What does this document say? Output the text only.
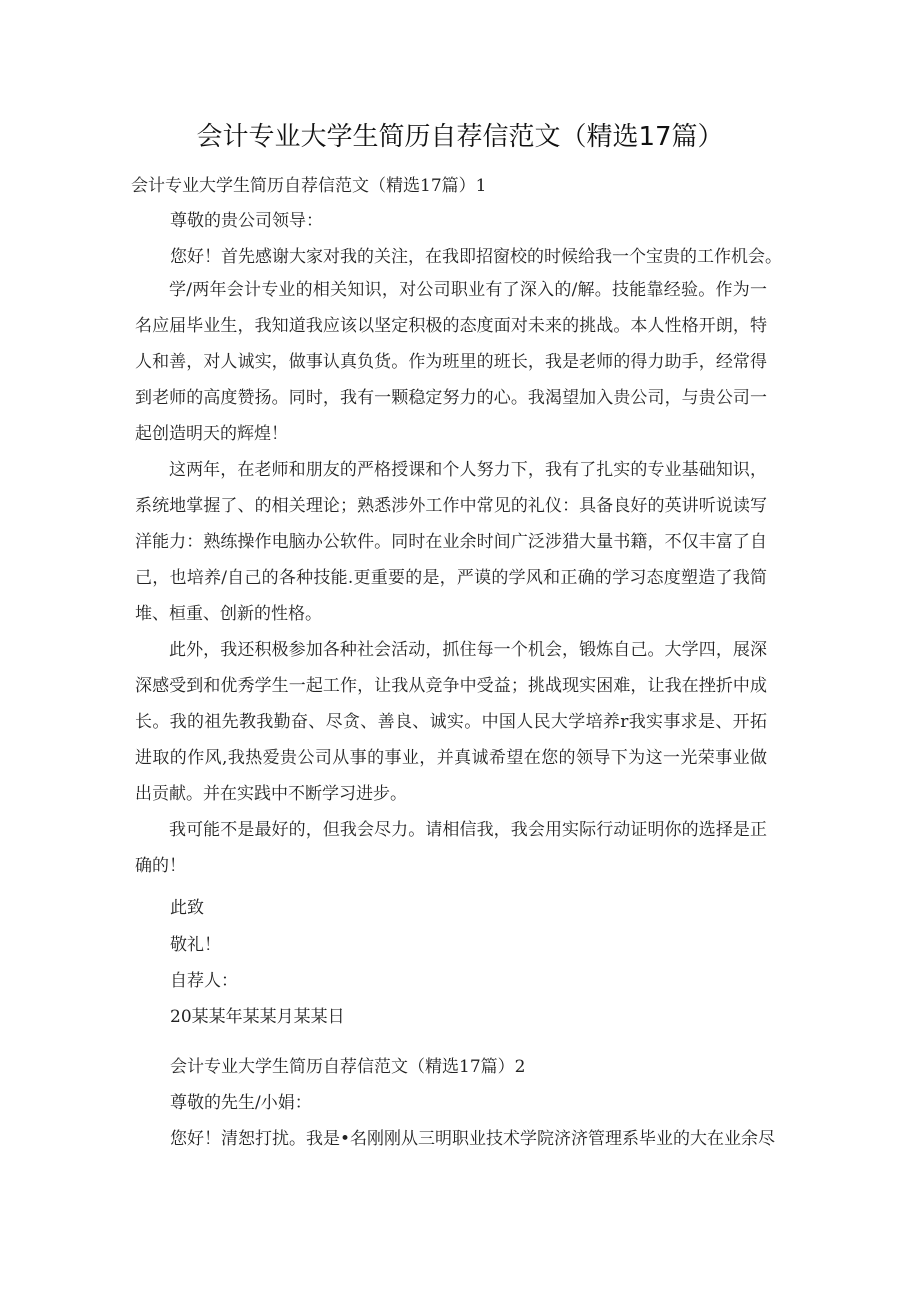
会计专业大学生简历自荐信范文（精选17篇）

会计专业大学生简历自荐信范文（精选17篇）1

尊敬的贵公司领导：

您好！首先感谢大家对我的关注，在我即招窗校的时候给我一个宝贵的工作机会。

学/两年会计专业的相关知识，对公司职业有了深入的/解。技能靠经验。作为一名应届毕业生，我知道我应该以坚定积极的态度面对未来的挑战。本人性格开朗，特人和善，对人诚实，做事认真负货。作为班里的班长，我是老师的得力助手，经常得到老师的高度赞扬。同时，我有一颗稳定努力的心。我渴望加入贵公司，与贵公司一起创造明天的辉煌！

这两年，在老师和朋友的严格授课和个人努力下，我有了扎实的专业基础知识，系统地掌握了、的相关理论；熟悉涉外工作中常见的礼仪：具备良好的英讲听说读写洋能力：熟练操作电脑办公软件。同时在业余时间广泛涉猎大量书籍，不仅丰富了自己，也培养/自己的各种技能.更重要的是，严谟的学风和正确的学习态度塑造了我简堆、桓重、创新的性格。

此外，我还积极参加各种社会活动，抓住每一个机会，锻炼自己。大学四，展深深感受到和优秀学生一起工作，让我从竞争中受益；挑战现实困难，让我在挫折中成长。我的祖先教我勤奋、尽贪、善良、诚实。中国人民大学培养r我实事求是、开拓进取的作风,我热爱贵公司从事的事业，并真诚希望在您的领导下为这一光荣事业做出贡献。并在实践中不断学习进步。

我可能不是最好的，但我会尽力。请相信我，我会用实际行动证明你的选择是正确的！

此致

敬礼！

自荐人：

20某某年某某月某某日

会计专业大学生简历自荐信范文（精选17篇）2

尊敬的先生/小娟：

您好！清恕打扰。我是•名刚刚从三明职业技术学院济济管理系毕业的大在业余尽
